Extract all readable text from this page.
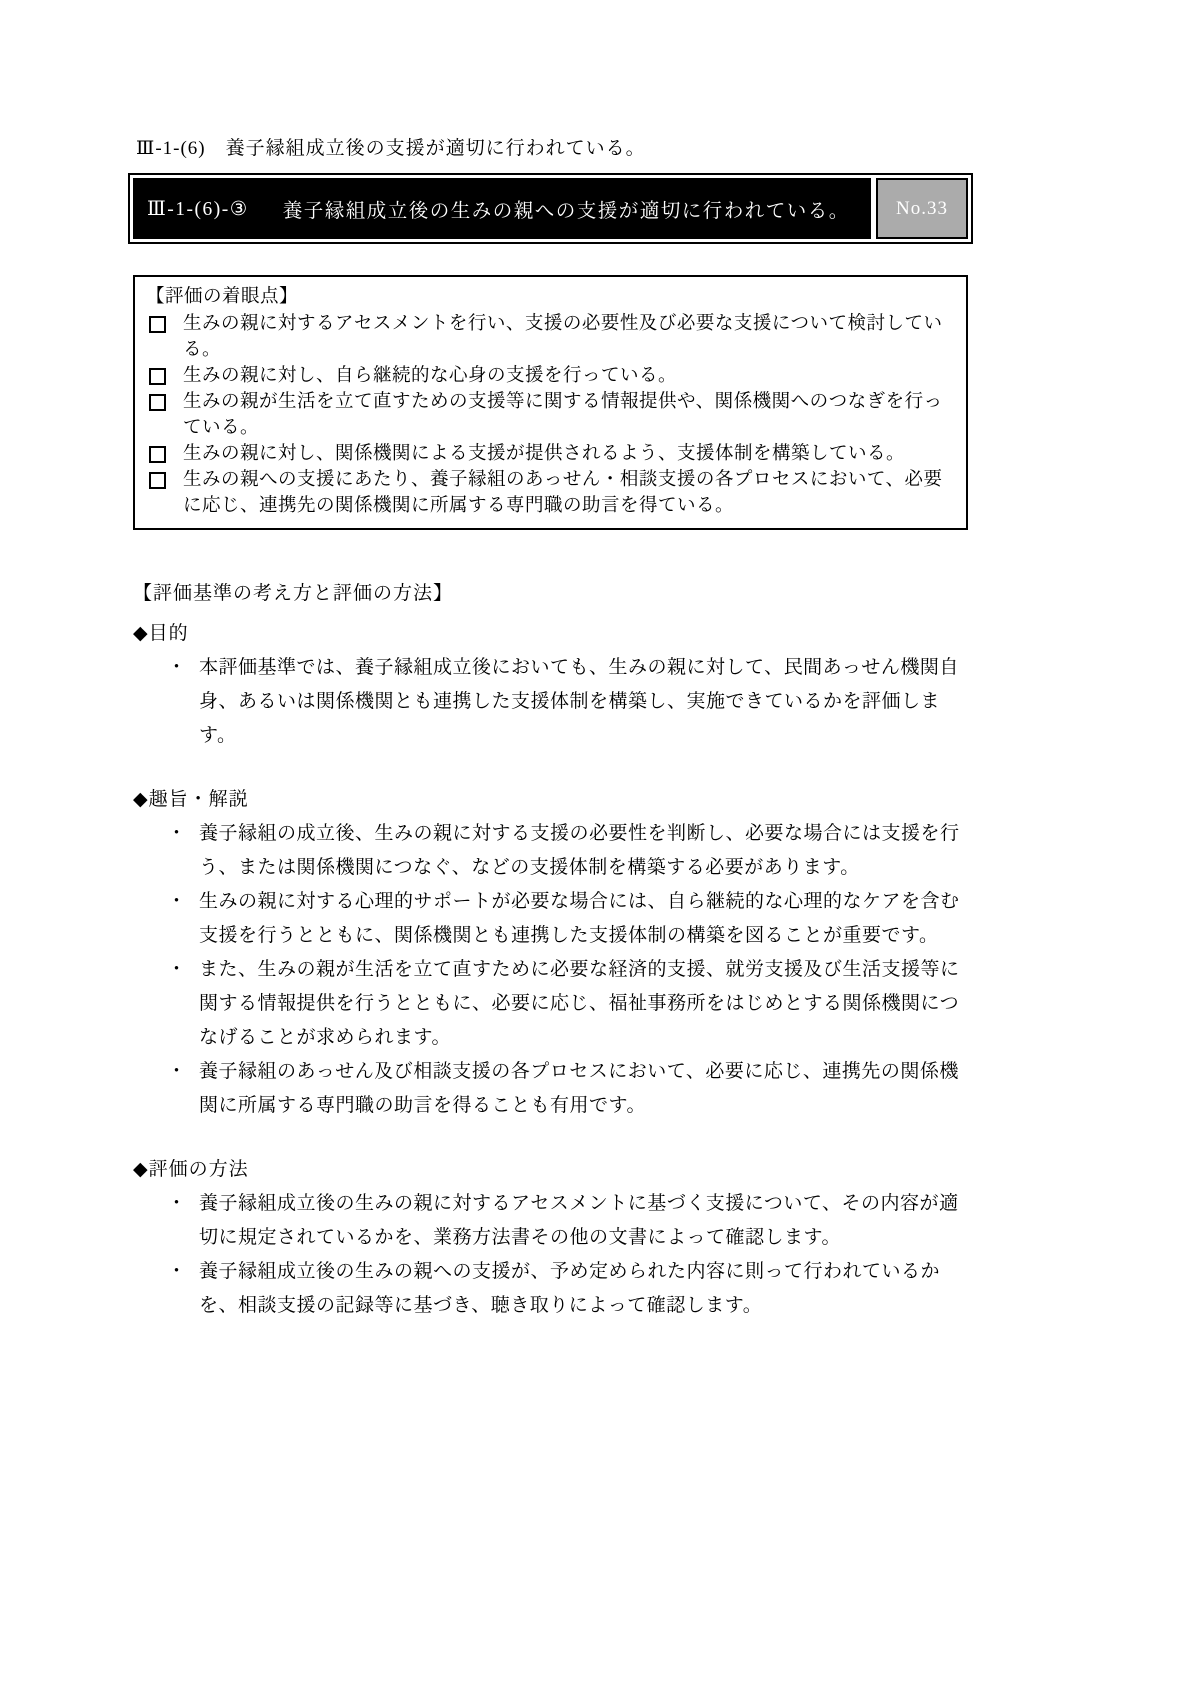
Ⅲ-1-(6)　養子縁組成立後の支援が適切に行われている。
Ⅲ-1-(6)-③ 養子縁組成立後の生みの親への支援が適切に行われている。	No.33
【評価の着眼点】
生みの親に対するアセスメントを行い、支援の必要性及び必要な支援について検討している。
生みの親に対し、自ら継続的な心身の支援を行っている。
生みの親が生活を立て直すための支援等に関する情報提供や、関係機関へのつなぎを行っている。
生みの親に対し、関係機関による支援が提供されるよう、支援体制を構築している。
生みの親への支援にあたり、養子縁組のあっせん・相談支援の各プロセスにおいて、必要に応じ、連携先の関係機関に所属する専門職の助言を得ている。
【評価基準の考え方と評価の方法】
◆目的
・ 本評価基準では、養子縁組成立後においても、生みの親に対して、民間あっせん機関自身、あるいは関係機関とも連携した支援体制を構築し、実施できているかを評価します。
◆趣旨・解説
・ 養子縁組の成立後、生みの親に対する支援の必要性を判断し、必要な場合には支援を行う、または関係機関につなぐ、などの支援体制を構築する必要があります。
・ 生みの親に対する心理的サポートが必要な場合には、自ら継続的な心理的なケアを含む支援を行うとともに、関係機関とも連携した支援体制の構築を図ることが重要です。
・ また、生みの親が生活を立て直すために必要な経済的支援、就労支援及び生活支援等に関する情報提供を行うとともに、必要に応じ、福祉事務所をはじめとする関係機関につなげることが求められます。
・ 養子縁組のあっせん及び相談支援の各プロセスにおいて、必要に応じ、連携先の関係機関に所属する専門職の助言を得ることも有用です。
◆評価の方法
・ 養子縁組成立後の生みの親に対するアセスメントに基づく支援について、その内容が適切に規定されているかを、業務方法書その他の文書によって確認します。
・ 養子縁組成立後の生みの親への支援が、予め定められた内容に則って行われているかを、相談支援の記録等に基づき、聴き取りによって確認します。
